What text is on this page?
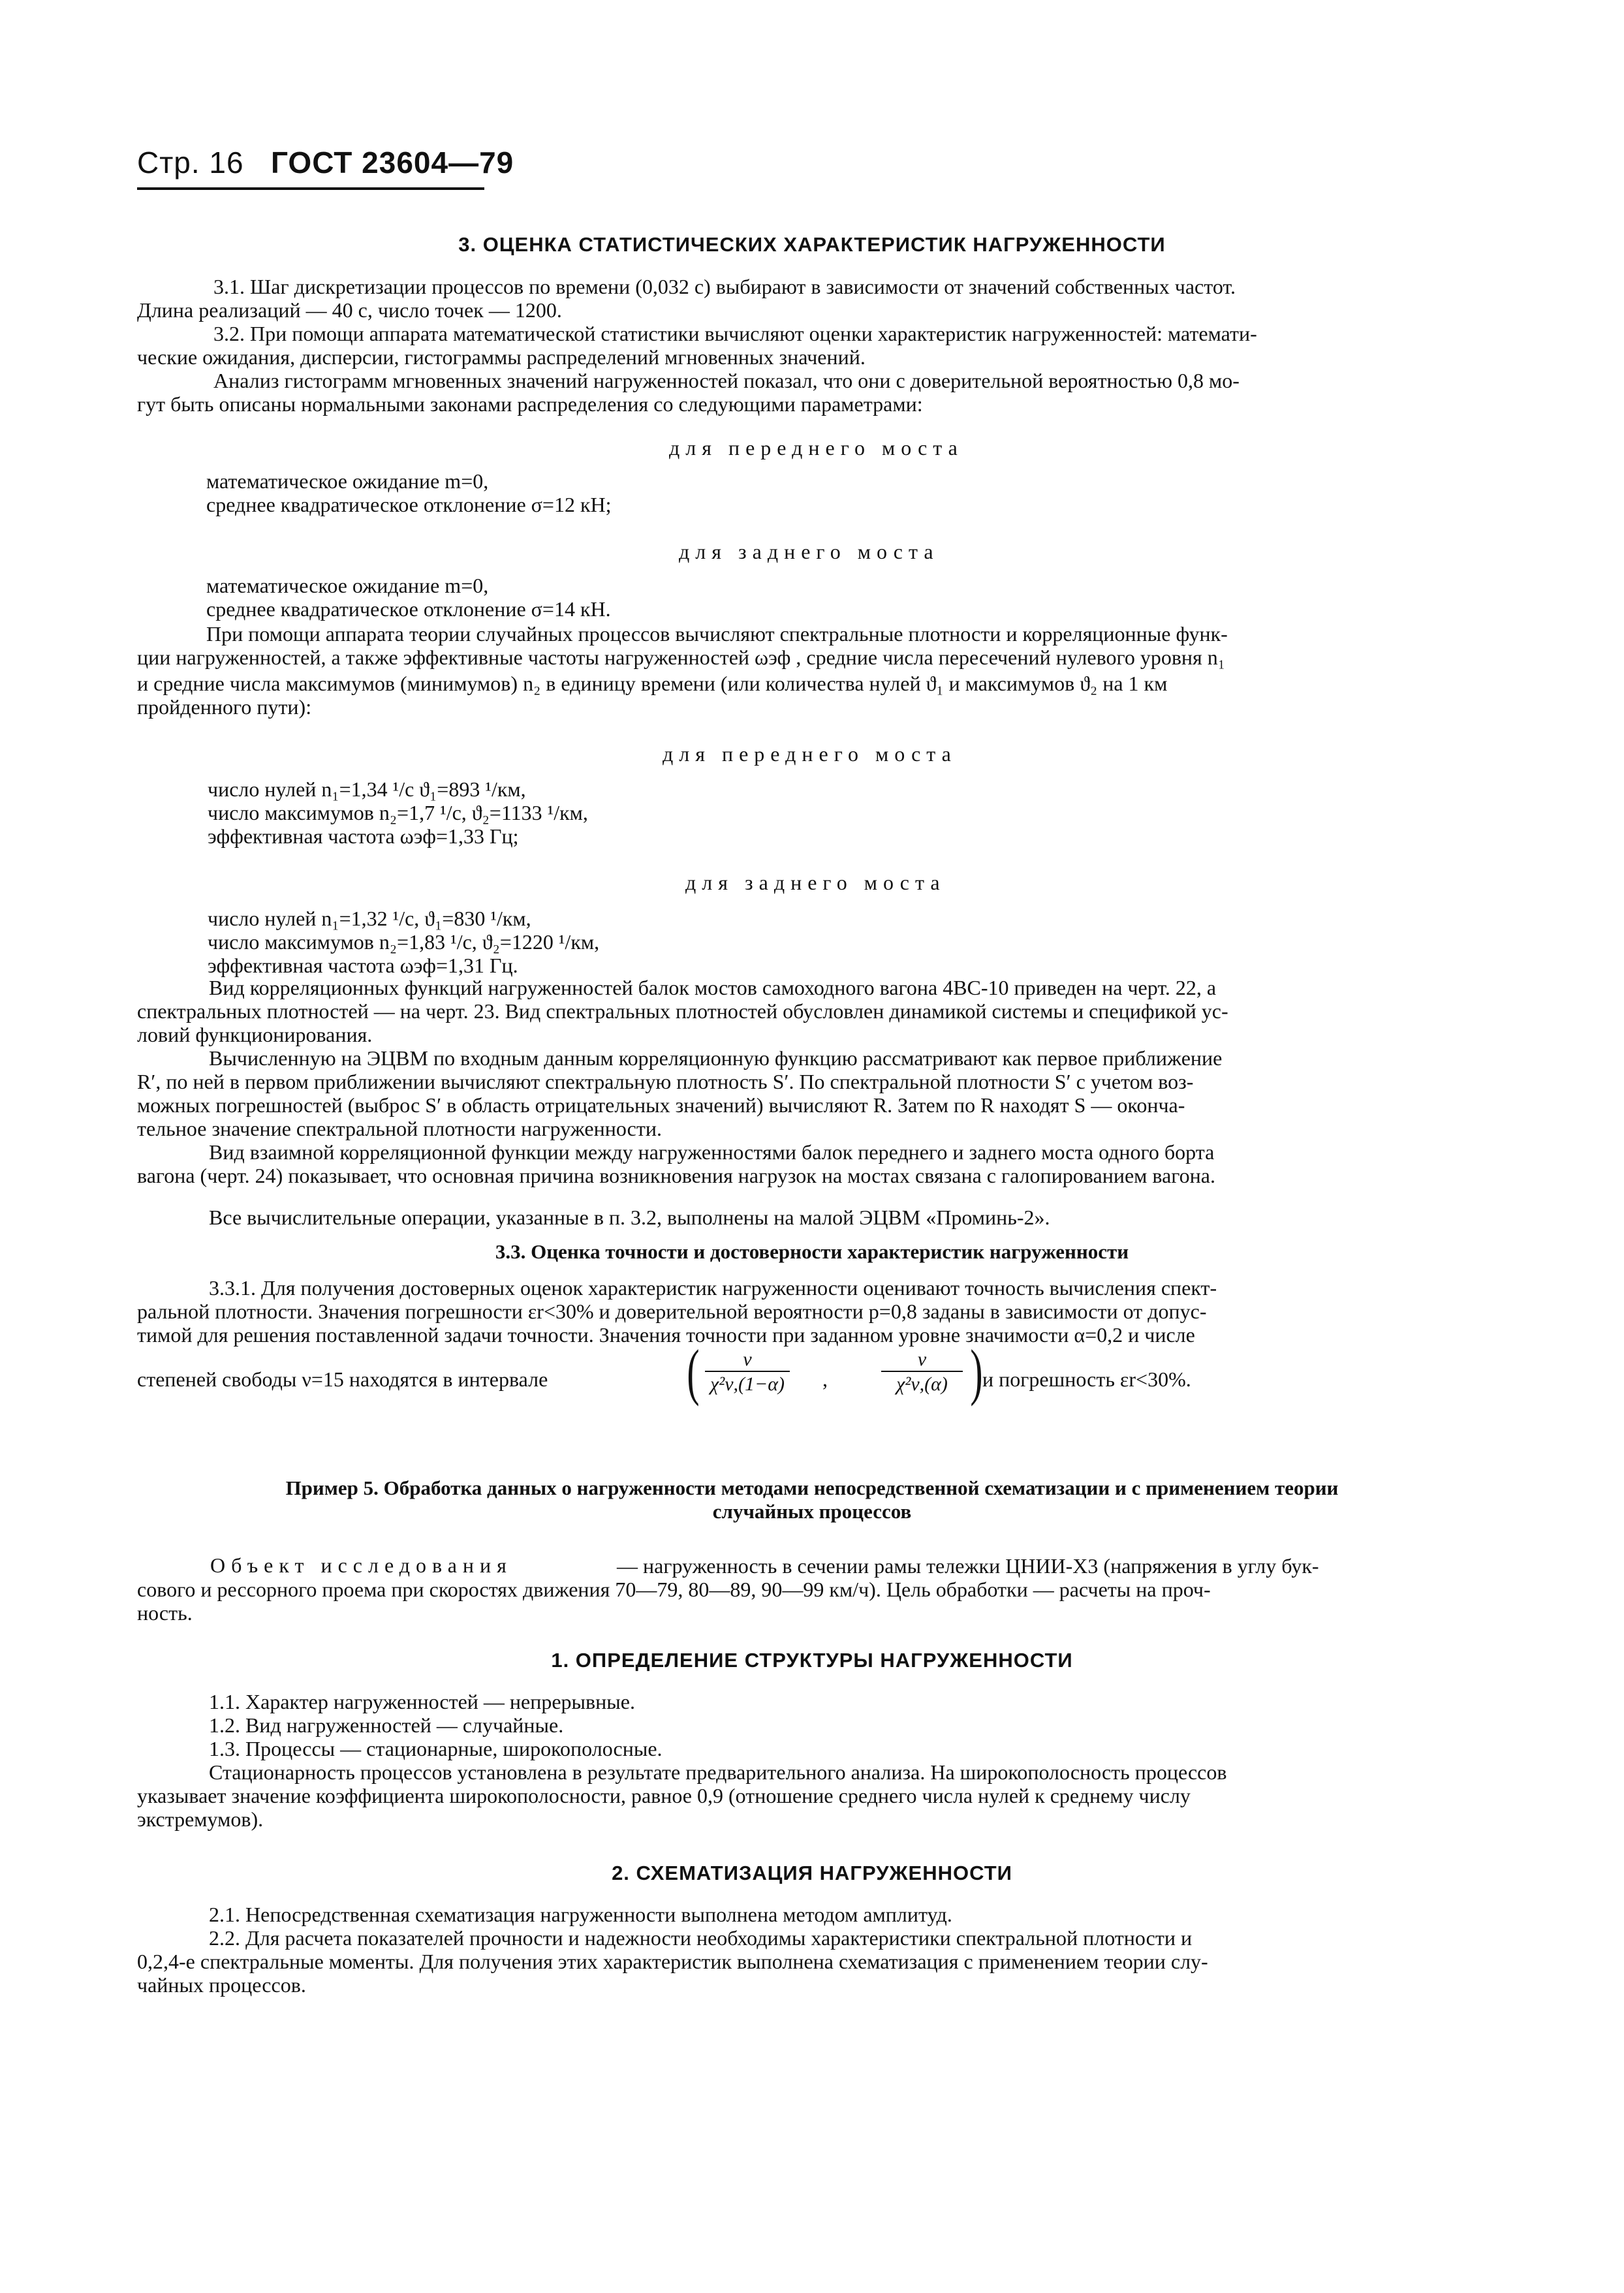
Стр. 16 ГОСТ 23604—79
3. ОЦЕНКА СТАТИСТИЧЕСКИХ ХАРАКТЕРИСТИК НАГРУЖЕННОСТИ
3.1. Шаг дискретизации процессов по времени (0,032 с) выбирают в зависимости от значений собственных частот.
Длина реализаций — 40 с, число точек — 1200.
3.2. При помощи аппарата математической статистики вычисляют оценки характеристик нагруженностей: математи-
ческие ожидания, дисперсии, гистограммы распределений мгновенных значений.
Анализ гистограмм мгновенных значений нагруженностей показал, что они с доверительной вероятностью 0,8 мо-
гут быть описаны нормальными законами распределения со следующими параметрами:
для переднего моста
математическое ожидание m=0,
среднее квадратическое отклонение σ=12 кН;
для заднего моста
математическое ожидание m=0,
среднее квадратическое отклонение σ=14 кН.
При помощи аппарата теории случайных процессов вычисляют спектральные плотности и корреляционные функ-
ции нагруженностей, а также эффективные частоты нагруженностей ωэф , средние числа пересечений нулевого уровня n₁
и средние числа максимумов (минимумов) n₂ в единицу времени (или количества нулей ϑ₁ и максимумов ϑ₂ на 1 км
пройденного пути):
для переднего моста
число нулей n₁=1,34 ¹/c ϑ₁=893 ¹/км,
число максимумов n₂=1,7 ¹/c, ϑ₂=1133 ¹/км,
эффективная частота ωэф=1,33 Гц;
для заднего моста
число нулей n₁=1,32 ¹/c, ϑ₁=830 ¹/км,
число максимумов n₂=1,83 ¹/c, ϑ₂=1220 ¹/км,
эффективная частота ωэф=1,31 Гц.
Вид корреляционных функций нагруженностей балок мостов самоходного вагона 4ВС-10 приведен на черт. 22, а
спектральных плотностей — на черт. 23. Вид спектральных плотностей обусловлен динамикой системы и спецификой ус-
ловий функционирования.
Вычисленную на ЭЦВМ по входным данным корреляционную функцию рассматривают как первое приближение
R′, по ней в первом приближении вычисляют спектральную плотность S′. По спектральной плотности S′ с учетом воз-
можных погрешностей (выброс S′ в область отрицательных значений) вычисляют R. Затем по R находят S — оконча-
тельное значение спектральной плотности нагруженности.
Вид взаимной корреляционной функции между нагруженностями балок переднего и заднего моста одного борта
вагона (черт. 24) показывает, что основная причина возникновения нагрузок на мостах связана с галопированием вагона.
Все вычислительные операции, указанные в п. 3.2, выполнены на малой ЭЦВМ «Проминь-2».
3.3. Оценка точности и достоверности характеристик нагруженности
3.3.1. Для получения достоверных оценок характеристик нагруженности оценивают точность вычисления спект-
ральной плотности. Значения погрешности εr<30% и доверительной вероятности p=0,8 заданы в зависимости от допус-
тимой для решения поставленной задачи точности. Значения точности при заданном уровне значимости α=0,2 и числе
степеней свободы ν=15 находятся в интервале ( $\frac{\nu}{\text{χ²ν,(1−α)}}$ ,	$\frac{\nu}{\text{χ²ν,(α)}}$ ) и погрешность εr<30%.
Пример 5. Обработка данных о нагруженности методами непосредственной схематизации и с применением теории
случайных процессов
Объект исследования	— нагруженность в сечении рамы тележки ЦНИИ-Х3 (напряжения в углу бук-
сового и рессорного проема при скоростях движения 70—79, 80—89, 90—99 км/ч). Цель обработки — расчеты на проч-
ность.
1. ОПРЕДЕЛЕНИЕ СТРУКТУРЫ НАГРУЖЕННОСТИ
1.1. Характер нагруженностей — непрерывные.
1.2. Вид нагруженностей — случайные.
1.3. Процессы — стационарные, широкополосные.
Стационарность процессов установлена в результате предварительного анализа. На широкополосность процессов
указывает значение коэффициента широкополосности, равное 0,9 (отношение среднего числа нулей к среднему числу
экстремумов).
2. СХЕМАТИЗАЦИЯ НАГРУЖЕННОСТИ
2.1. Непосредственная схематизация нагруженности выполнена методом амплитуд.
2.2. Для расчета показателей прочности и надежности необходимы характеристики спектральной плотности и
0,2,4-е спектральные моменты. Для получения этих характеристик выполнена схематизация с применением теории слу-
чайных процессов.
